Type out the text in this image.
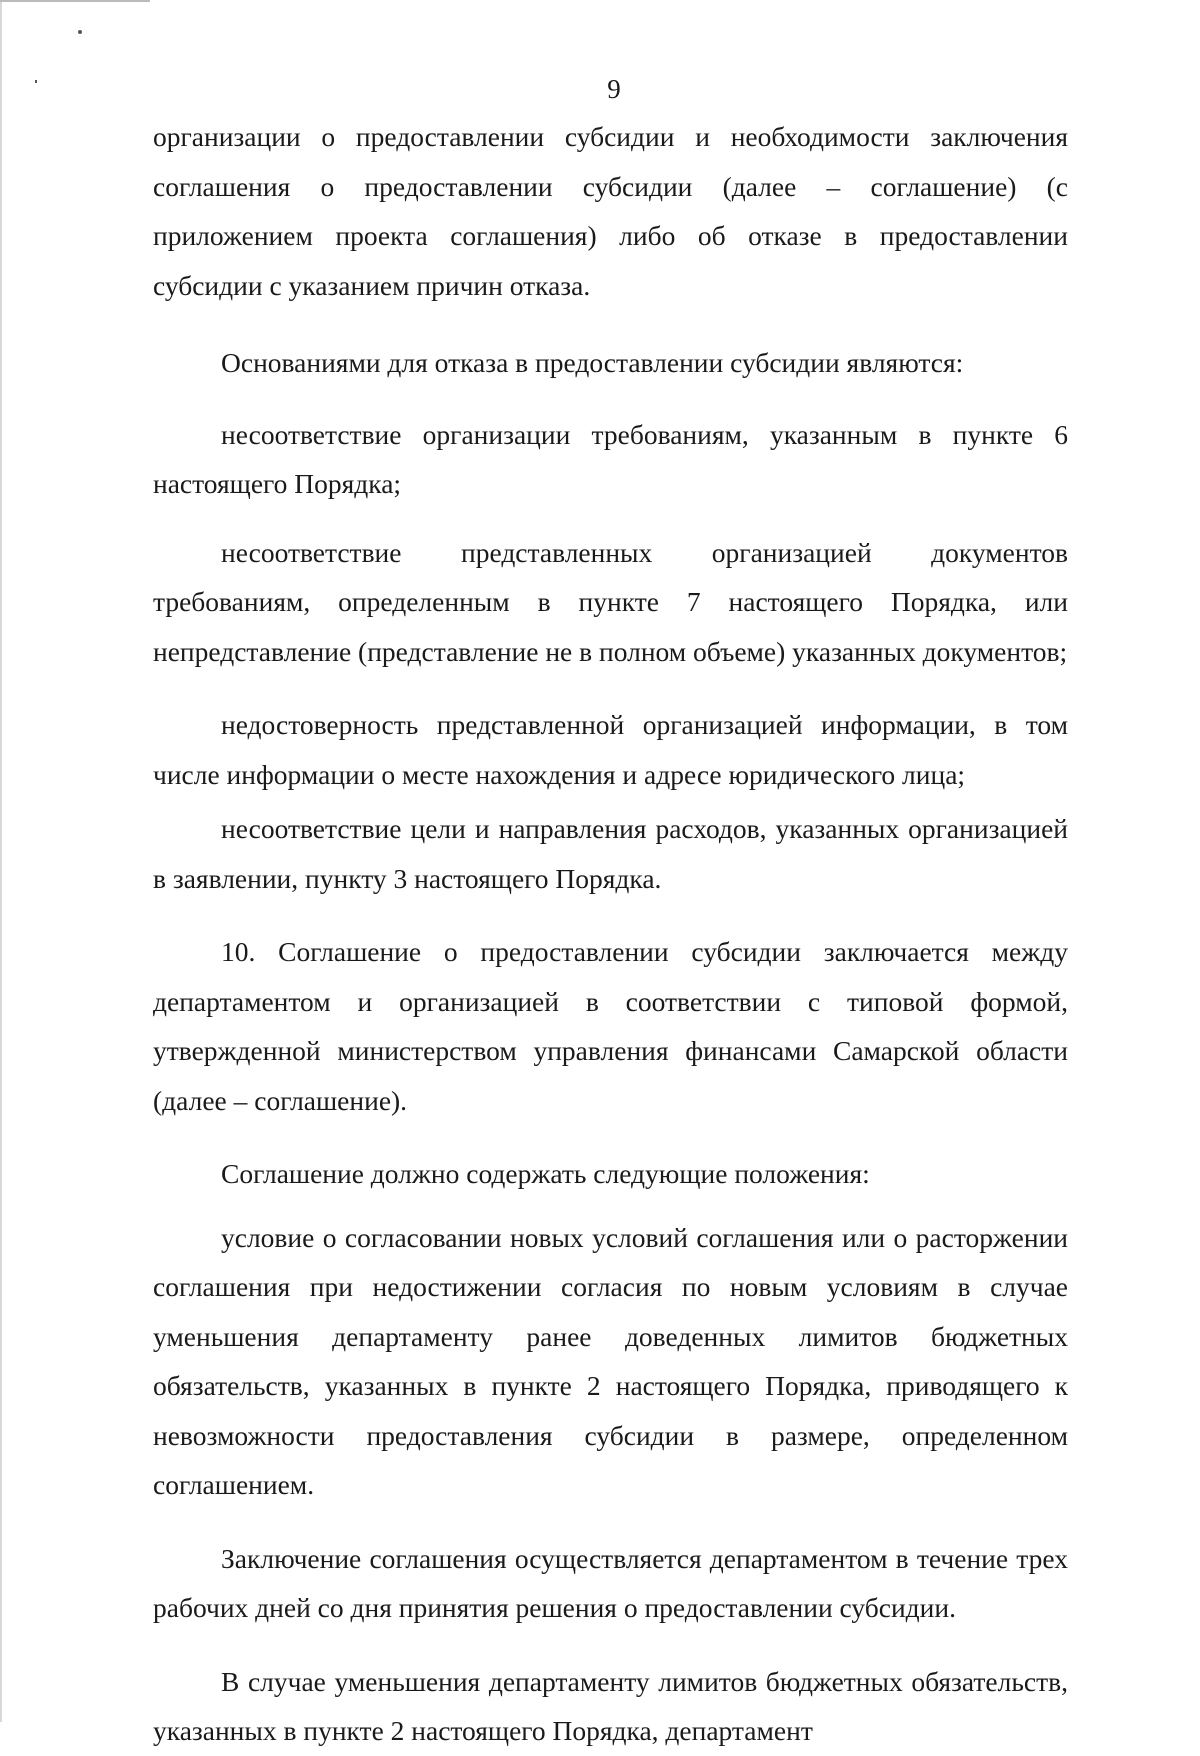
9

организации о предоставлении субсидии и необходимости заключения соглашения о предоставлении субсидии (далее – соглашение) (с приложением проекта соглашения) либо об отказе в предоставлении субсидии с указанием причин отказа.

Основаниями для отказа в предоставлении субсидии являются:

несоответствие организации требованиям, указанным в пункте 6 настоящего Порядка;

несоответствие представленных организацией документов требованиям, определенным в пункте 7 настоящего Порядка, или непредставление (представление не в полном объеме) указанных документов;

недостоверность представленной организацией информации, в том числе информации о месте нахождения и адресе юридического лица;

несоответствие цели и направления расходов, указанных организацией в заявлении, пункту 3 настоящего Порядка.

10. Соглашение о предоставлении субсидии заключается между департаментом и организацией в соответствии с типовой формой, утвержденной министерством управления финансами Самарской области (далее – соглашение).

Соглашение должно содержать следующие положения:

условие о согласовании новых условий соглашения или о расторжении соглашения при недостижении согласия по новым условиям в случае уменьшения департаменту ранее доведенных лимитов бюджетных обязательств, указанных в пункте 2 настоящего Порядка, приводящего к невозможности предоставления субсидии в размере, определенном соглашением.

Заключение соглашения осуществляется департаментом в течение трех рабочих дней со дня принятия решения о предоставлении субсидии.

В случае уменьшения департаменту лимитов бюджетных обязательств, указанных в пункте 2 настоящего Порядка, департамент
